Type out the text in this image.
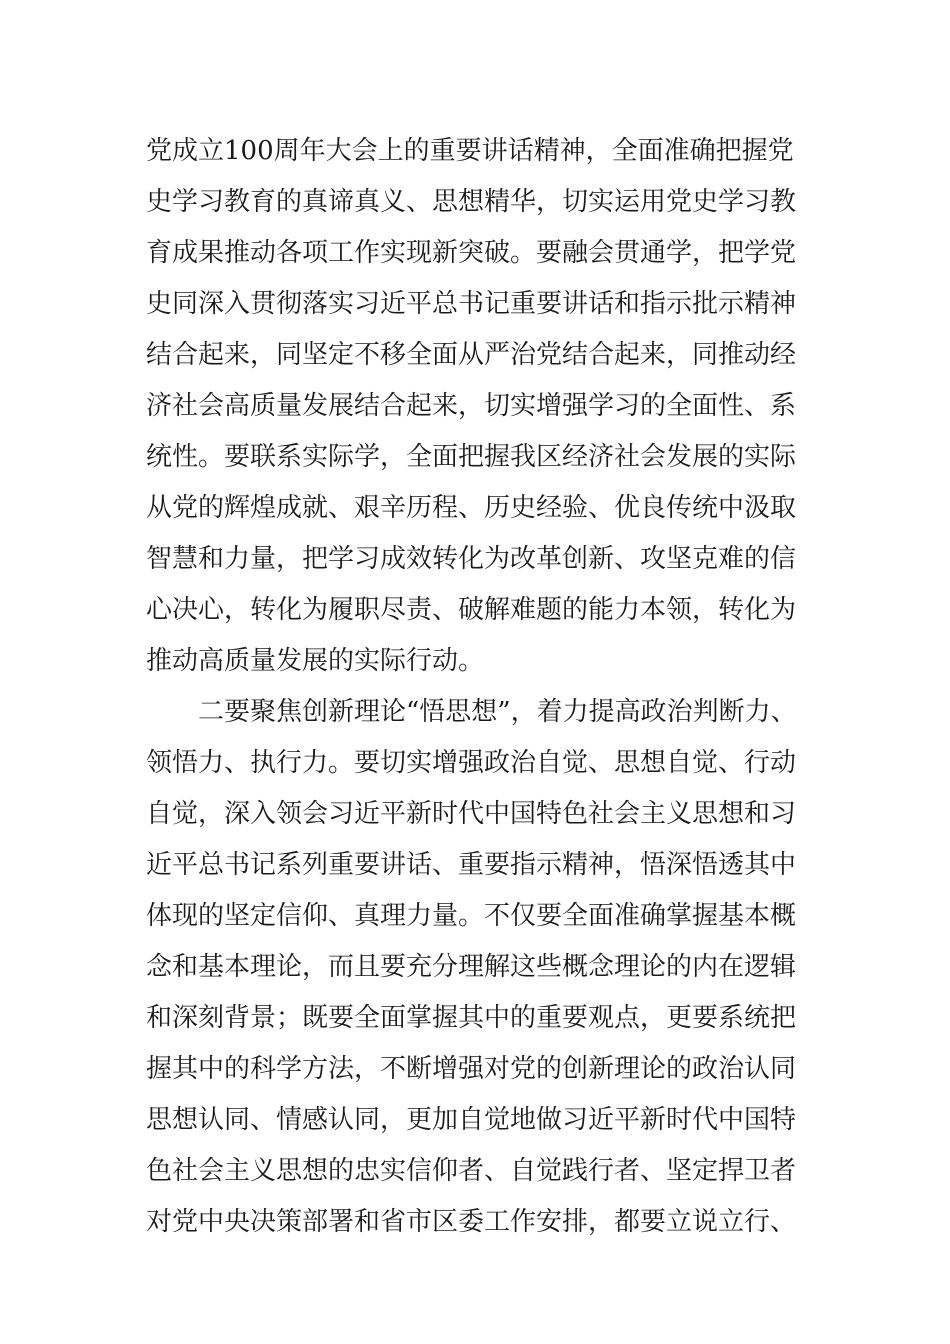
党成立100周年大会上的重要讲话精神，全面准确把握党
史学习教育的真谛真义、思想精华，切实运用党史学习教
育成果推动各项工作实现新突破。要融会贯通学，把学党
史同深入贯彻落实习近平总书记重要讲话和指示批示精神
结合起来，同坚定不移全面从严治党结合起来，同推动经
济社会高质量发展结合起来，切实增强学习的全面性、系
统性。要联系实际学，全面把握我区经济社会发展的实际
从党的辉煌成就、艰辛历程、历史经验、优良传统中汲取
智慧和力量，把学习成效转化为改革创新、攻坚克难的信
心决心，转化为履职尽责、破解难题的能力本领，转化为
推动高质量发展的实际行动。
　　二要聚焦创新理论“悟思想”，着力提高政治判断力、
领悟力、执行力。要切实增强政治自觉、思想自觉、行动
自觉，深入领会习近平新时代中国特色社会主义思想和习
近平总书记系列重要讲话、重要指示精神，悟深悟透其中
体现的坚定信仰、真理力量。不仅要全面准确掌握基本概
念和基本理论，而且要充分理解这些概念理论的内在逻辑
和深刻背景；既要全面掌握其中的重要观点，更要系统把
握其中的科学方法，不断增强对党的创新理论的政治认同
思想认同、情感认同，更加自觉地做习近平新时代中国特
色社会主义思想的忠实信仰者、自觉践行者、坚定捍卫者
对党中央决策部署和省市区委工作安排，都要立说立行、
